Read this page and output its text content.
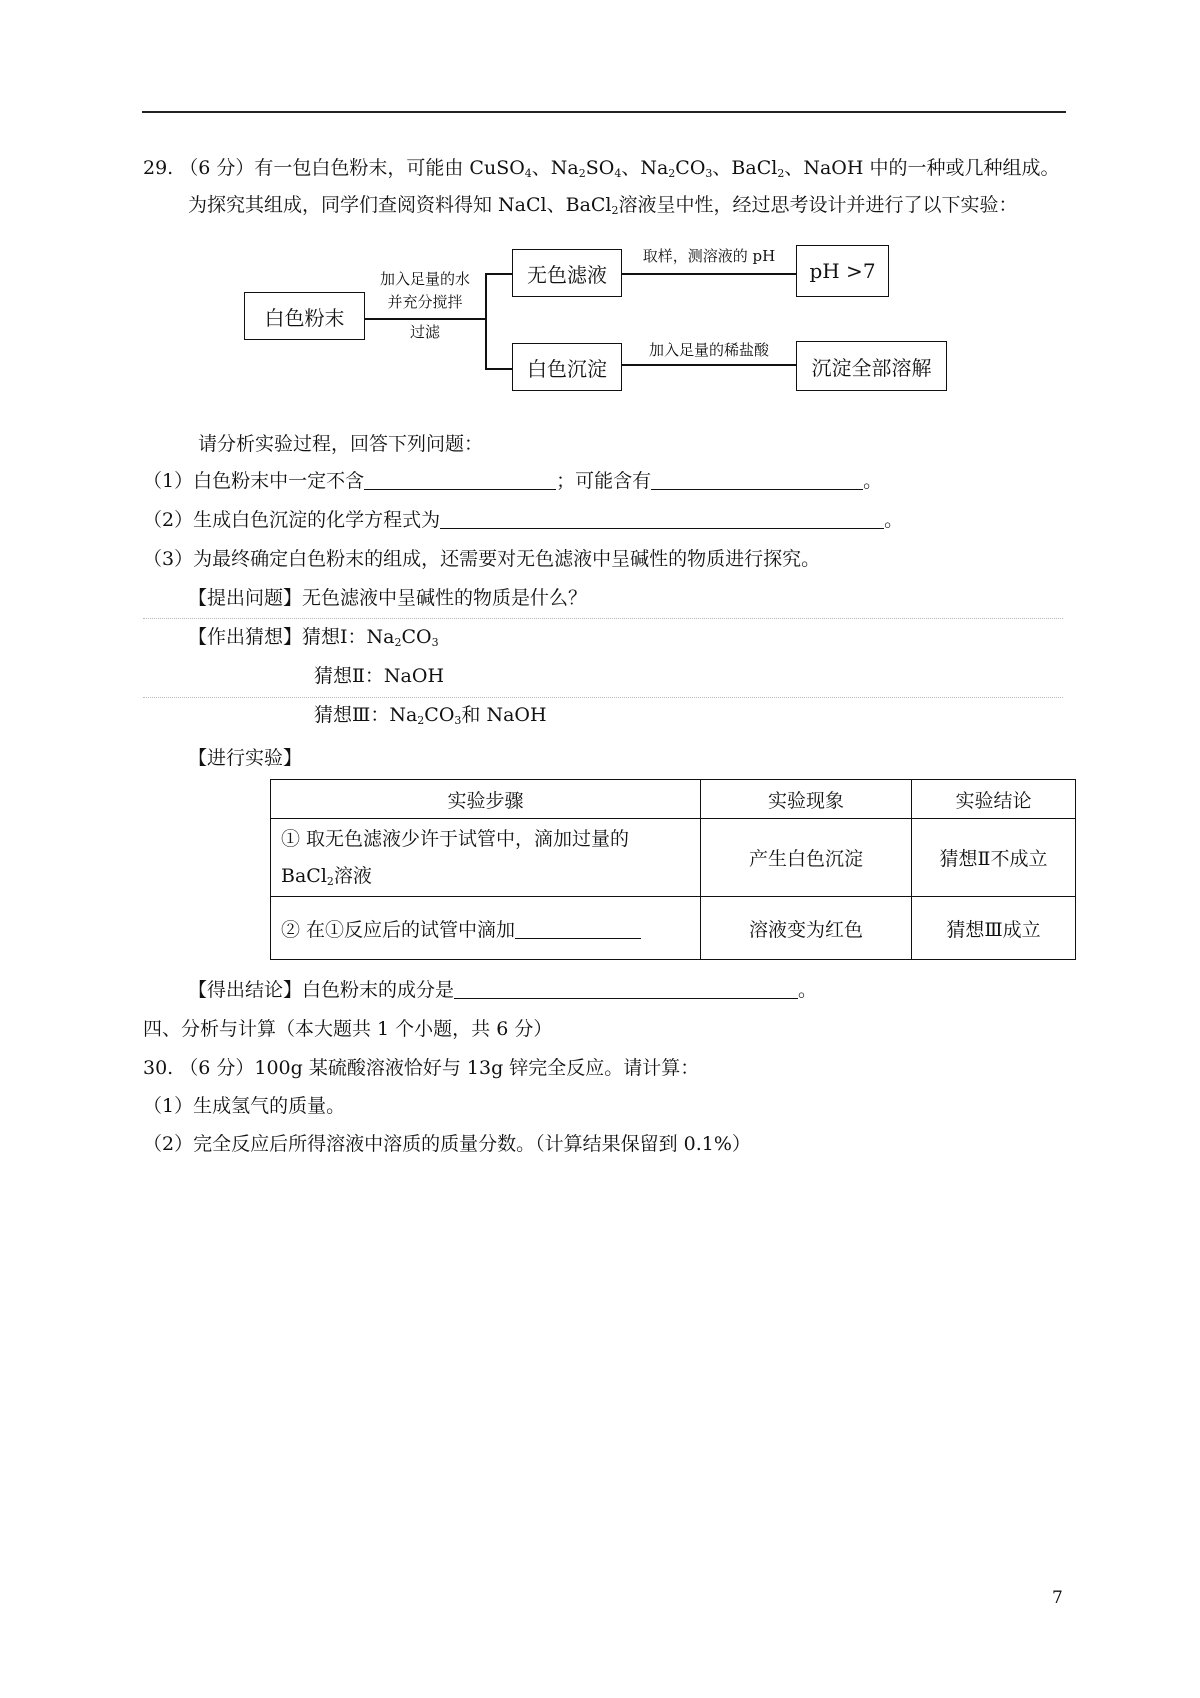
29. （6 分）有一包白色粉末，可能由 CuSO$_4$、$Na_2SO_4$、$Na_2CO_3$、BaCl$_2$、NaOH 中的一种或几种组成。
为探究其组成，同学们查阅资料得知 NaCl、BaCl$_2$溶液呈中性，经过思考设计并进行了以下实验：
白色粉末
加入足量的水
并充分搅拌
过滤
无色滤液
取样，测溶液的 pH
pH >7
白色沉淀
加入足量的稀盐酸
沉淀全部溶解
请分析实验过程，回答下列问题：
（1）白色粉末中一定不含	；可能含有	。
（2）生成白色沉淀的化学方程式为	。
（3）为最终确定白色粉末的组成，还需要对无色滤液中呈碱性的物质进行探究。
【提出问题】无色滤液中呈碱性的物质是什么？
【作出猜想】猜想Ⅰ：$Na_2CO_3$
猜想Ⅱ：NaOH
猜想Ⅲ：$Na_2CO_3$和 NaOH
【进行实验】
实验步骤	实验现象	实验结论
① 取无色滤液少许于试管中，滴加过量的
BaCl$_2$溶液	产生白色沉淀	猜想Ⅱ不成立
② 在①反应后的试管中滴加	溶液变为红色	猜想Ⅲ成立
【得出结论】白色粉末的成分是	。
四、分析与计算（本大题共 1 个小题，共 6 分）
30. （6 分）100g 某硫酸溶液恰好与 13g 锌完全反应。请计算：
（1）生成氢气的质量。
（2）完全反应后所得溶液中溶质的质量分数。（计算结果保留到 0.1%）
7
